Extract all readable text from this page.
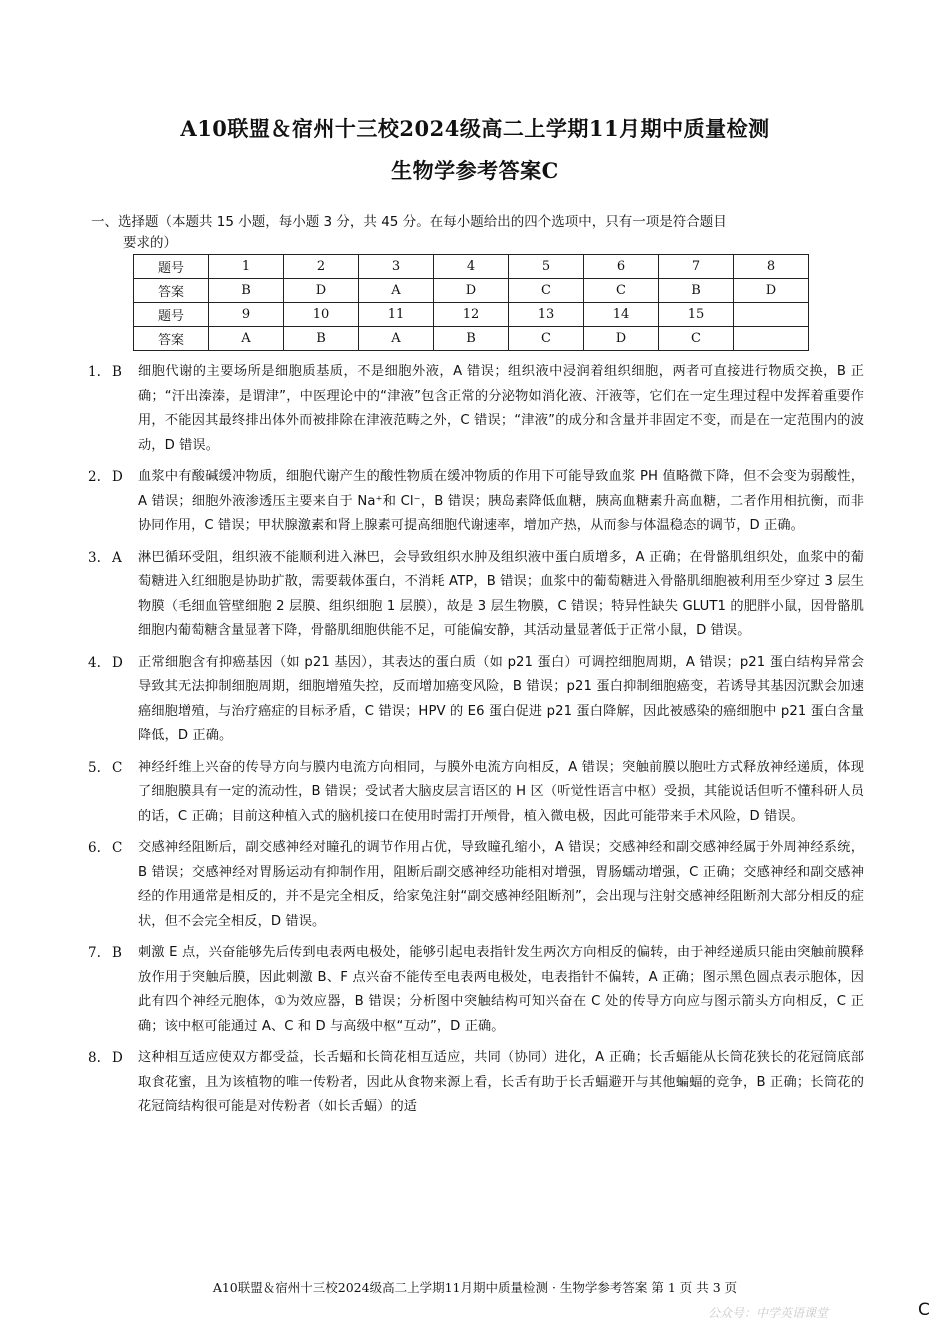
A10联盟＆宿州十三校2024级高二上学期11月期中质量检测
生物学参考答案C
一、选择题（本题共 15 小题，每小题 3 分，共 45 分。在每小题给出的四个选项中，只有一项是符合题目
要求的）
题号	1	2	3	4	5	6	7	8
答案	B	D	A	D	C	C	B	D
题号	9	10	11	12	13	14	15	
答案	A	B	A	B	C	D	C	
1. B	细胞代谢的主要场所是细胞质基质，不是细胞外液，A 错误；组织液中浸润着组织细胞，两者可直接进行物质交换，B 正确；“汗出溱溱，是谓津”，中医理论中的“津液”包含正常的分泌物如消化液、汗液等，它们在一定生理过程中发挥着重要作用，不能因其最终排出体外而被排除在津液范畴之外，C 错误；“津液”的成分和含量并非固定不变，而是在一定范围内的波动，D 错误。
2. D	血浆中有酸碱缓冲物质，细胞代谢产生的酸性物质在缓冲物质的作用下可能导致血浆 PH 值略微下降，但不会变为弱酸性，A 错误；细胞外液渗透压主要来自于 Na⁺和 Cl⁻，B 错误；胰岛素降低血糖，胰高血糖素升高血糖，二者作用相抗衡，而非协同作用，C 错误；甲状腺激素和肾上腺素可提高细胞代谢速率，增加产热，从而参与体温稳态的调节，D 正确。
3. A	淋巴循环受阻，组织液不能顺利进入淋巴，会导致组织水肿及组织液中蛋白质增多，A 正确；在骨骼肌组织处，血浆中的葡萄糖进入红细胞是协助扩散，需要载体蛋白，不消耗 ATP，B 错误；血浆中的葡萄糖进入骨骼肌细胞被利用至少穿过 3 层生物膜（毛细血管壁细胞 2 层膜、组织细胞 1 层膜），故是 3 层生物膜，C 错误；特异性缺失 GLUT1 的肥胖小鼠，因骨骼肌细胞内葡萄糖含量显著下降，骨骼肌细胞供能不足，可能偏安静，其活动量显著低于正常小鼠，D 错误。
4. D	正常细胞含有抑癌基因（如 p21 基因），其表达的蛋白质（如 p21 蛋白）可调控细胞周期，A 错误；p21 蛋白结构异常会导致其无法抑制细胞周期，细胞增殖失控，反而增加癌变风险，B 错误；p21 蛋白抑制细胞癌变，若诱导其基因沉默会加速癌细胞增殖，与治疗癌症的目标矛盾，C 错误；HPV 的 E6 蛋白促进 p21 蛋白降解，因此被感染的癌细胞中 p21 蛋白含量降低，D 正确。
5. C	神经纤维上兴奋的传导方向与膜内电流方向相同，与膜外电流方向相反，A 错误；突触前膜以胞吐方式释放神经递质，体现了细胞膜具有一定的流动性，B 错误；受试者大脑皮层言语区的 H 区（听觉性语言中枢）受损，其能说话但听不懂科研人员的话，C 正确；目前这种植入式的脑机接口在使用时需打开颅骨，植入微电极，因此可能带来手术风险，D 错误。
6. C	交感神经阻断后，副交感神经对瞳孔的调节作用占优，导致瞳孔缩小，A 错误；交感神经和副交感神经属于外周神经系统，B 错误；交感神经对胃肠运动有抑制作用，阻断后副交感神经功能相对增强，胃肠蠕动增强，C 正确；交感神经和副交感神经的作用通常是相反的，并不是完全相反，给家兔注射“副交感神经阻断剂”，会出现与注射交感神经阻断剂大部分相反的症状，但不会完全相反，D 错误。
7. B	刺激 E 点，兴奋能够先后传到电表两电极处，能够引起电表指针发生两次方向相反的偏转，由于神经递质只能由突触前膜释放作用于突触后膜，因此刺激 B、F 点兴奋不能传至电表两电极处，电表指针不偏转，A 正确；图示黑色圆点表示胞体，因此有四个神经元胞体，①为效应器，B 错误；分析图中突触结构可知兴奋在 C 处的传导方向应与图示箭头方向相反，C 正确；该中枢可能通过 A、C 和 D 与高级中枢“互动”，D 正确。
8. D	这种相互适应使双方都受益，长舌蝠和长筒花相互适应，共同（协同）进化，A 正确；长舌蝠能从长筒花狭长的花冠筒底部取食花蜜，且为该植物的唯一传粉者，因此从食物来源上看，长舌有助于长舌蝠避开与其他蝙蝠的竞争，B 正确；长筒花的花冠筒结构很可能是对传粉者（如长舌蝠）的适
A10联盟＆宿州十三校2024级高二上学期11月期中质量检测 · 生物学参考答案 第 1 页 共 3 页
公众号：中学英语课堂	C
